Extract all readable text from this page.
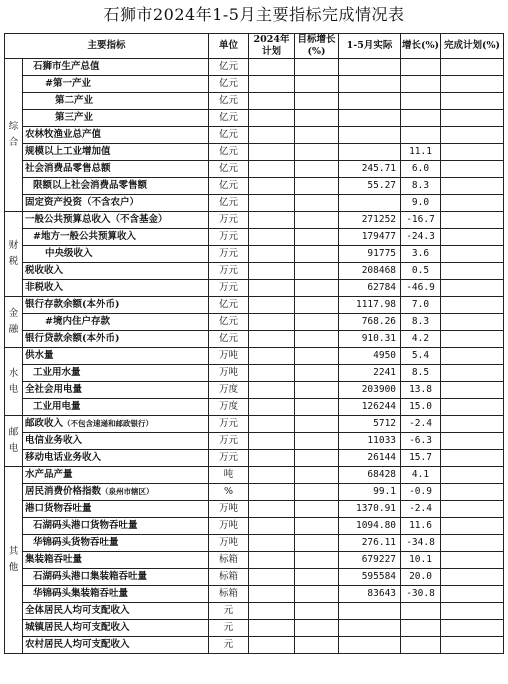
石狮市2024年1-5月主要指标完成情况表
主要指标		单位	2024年计划	目标增长(%)	1-5月实际	增长(%)	完成计划(%)
综合	石狮市生产总值	亿元					
	#第一产业	亿元					
	第二产业	亿元					
	第三产业	亿元					
	农林牧渔业总产值	亿元					
	规模以上工业增加值	亿元				11.1	
	社会消费品零售总额	亿元			245.71	6.0	
	限额以上社会消费品零售额	亿元			55.27	8.3	
	固定资产投资（不含农户）	亿元				9.0	
财税	一般公共预算总收入（不含基金）	万元			271252	-16.7	
	#地方一般公共预算收入	万元			179477	-24.3	
	中央级收入	万元			91775	3.6	
	税收收入	万元			208468	0.5	
	非税收入	万元			62784	-46.9	
金融	银行存款余额(本外币)	亿元			1117.98	7.0	
	#境内住户存款	亿元			768.26	8.3	
	银行贷款余额(本外币)	亿元			910.31	4.2	
水电	供水量	万吨			4950	5.4	
	工业用水量	万吨			2241	8.5	
	全社会用电量	万度			203900	13.8	
	工业用电量	万度			126244	15.0	
邮电	邮政收入（不包含速递和邮政银行）	万元			5712	-2.4	
	电信业务收入	万元			11033	-6.3	
	移动电话业务收入	万元			26144	15.7	
其他	水产品产量	吨			68428	4.1	
	居民消费价格指数（泉州市辖区）	%			99.1	-0.9	
	港口货物吞吐量	万吨			1370.91	-2.4	
	石湖码头港口货物吞吐量	万吨			1094.80	11.6	
	华锦码头货物吞吐量	万吨			276.11	-34.8	
	集装箱吞吐量	标箱			679227	10.1	
	石湖码头港口集装箱吞吐量	标箱			595584	20.0	
	华锦码头集装箱吞吐量	标箱			83643	-30.8	
	全体居民人均可支配收入	元					
	城镇居民人均可支配收入	元					
	农村居民人均可支配收入	元					
